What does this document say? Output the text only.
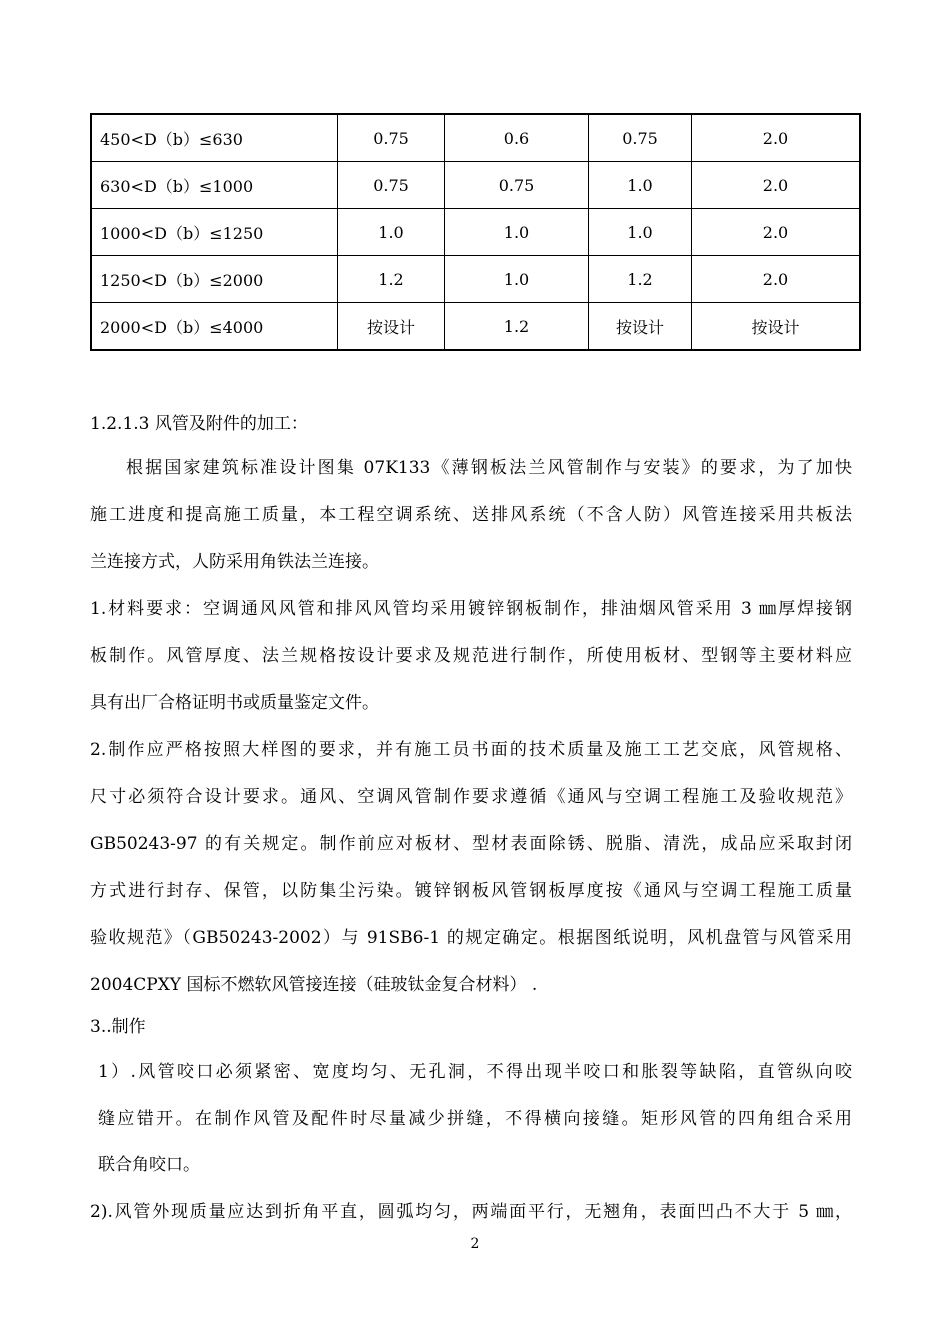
450<D（b）≤630	0.75	0.6	0.75	2.0
630<D（b）≤1000	0.75	0.75	1.0	2.0
1000<D（b）≤1250	1.0	1.0	1.0	2.0
1250<D（b）≤2000	1.2	1.0	1.2	2.0
2000<D（b）≤4000	按设计	1.2	按设计	按设计
1.2.1.3 风管及附件的加工：
根据国家建筑标准设计图集 07K133《薄钢板法兰风管制作与安装》的要求，为了加快
施工进度和提高施工质量，本工程空调系统、送排风系统（不含人防）风管连接采用共板法
兰连接方式，人防采用角铁法兰连接。
1.材料要求：空调通风风管和排风风管均采用镀锌钢板制作，排油烟风管采用 3 ㎜厚焊接钢
板制作。风管厚度、法兰规格按设计要求及规范进行制作，所使用板材、型钢等主要材料应
具有出厂合格证明书或质量鉴定文件。
2.制作应严格按照大样图的要求，并有施工员书面的技术质量及施工工艺交底，风管规格、
尺寸必须符合设计要求。通风、空调风管制作要求遵循《通风与空调工程施工及验收规范》
GB50243-97 的有关规定。制作前应对板材、型材表面除锈、脱脂、清洗，成品应采取封闭
方式进行封存、保管，以防集尘污染。镀锌钢板风管钢板厚度按《通风与空调工程施工质量
验收规范》（GB50243-2002）与 91SB6-1 的规定确定。根据图纸说明，风机盘管与风管采用
2004CPXY 国标不燃软风管接连接（硅玻钛金复合材料） .
3..制作
1）.风管咬口必须紧密、宽度均匀、无孔洞，不得出现半咬口和胀裂等缺陷，直管纵向咬
缝应错开。在制作风管及配件时尽量减少拼缝，不得横向接缝。矩形风管的四角组合采用
联合角咬口。
2).风管外现质量应达到折角平直，圆弧均匀，两端面平行，无翘角，表面凹凸不大于 5 ㎜，
2
